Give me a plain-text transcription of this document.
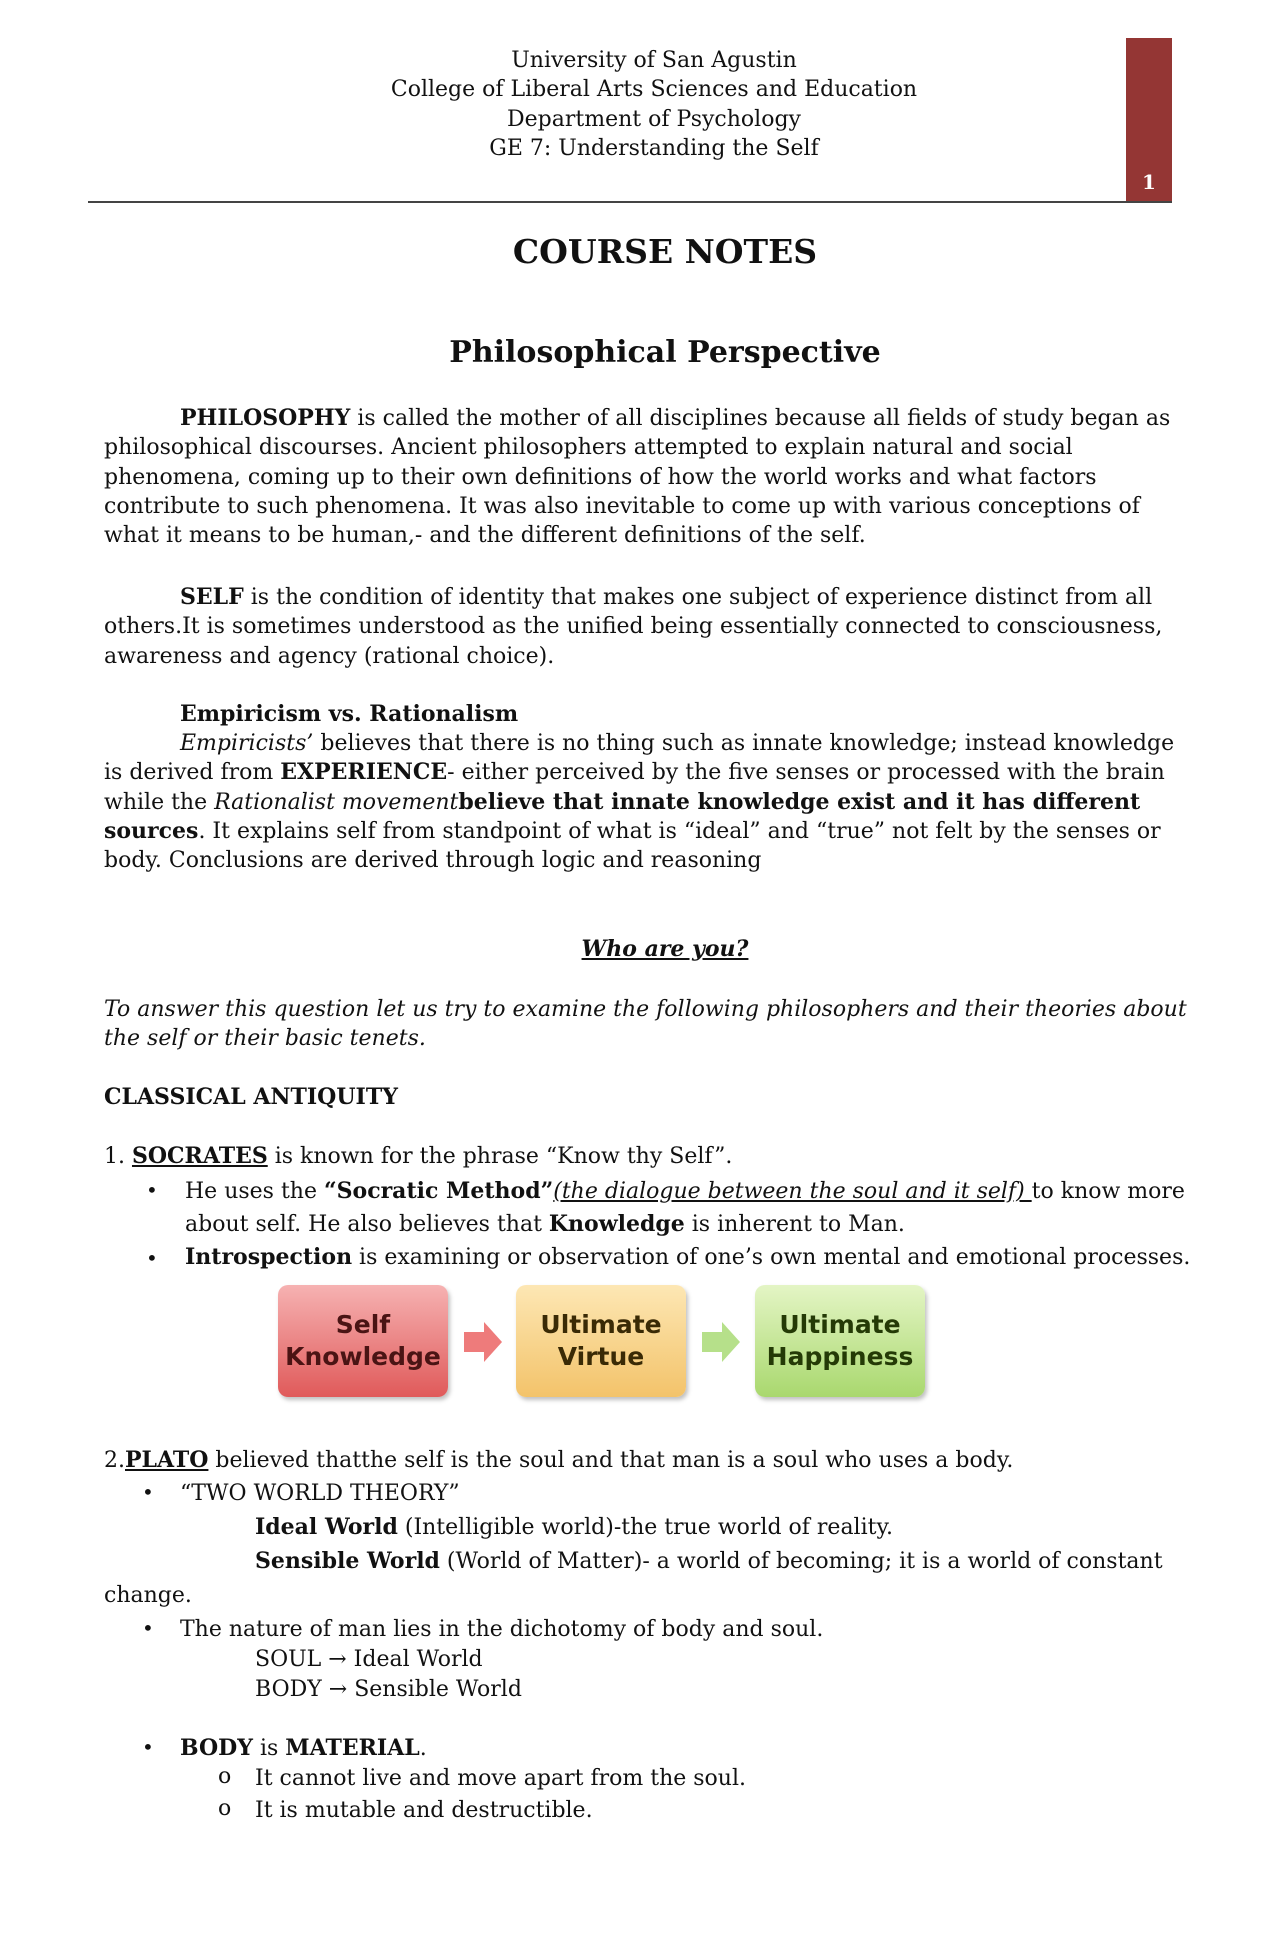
University of San Agustin
College of Liberal Arts Sciences and Education
Department of Psychology
GE 7: Understanding the Self
1
COURSE NOTES
Philosophical Perspective
PHILOSOPHY is called the mother of all disciplines because all fields of study began as philosophical discourses. Ancient philosophers attempted to explain natural and social phenomena, coming up to their own definitions of how the world works and what factors contribute to such phenomena. It was also inevitable to come up with various conceptions of what it means to be human,- and the different definitions of the self.
SELF is the condition of identity that makes one subject of experience distinct from all others.It is sometimes understood as the unified being essentially connected to consciousness, awareness and agency (rational choice).
Empiricism vs. Rationalism
Empiricists’ believes that there is no thing such as innate knowledge; instead knowledge is derived from EXPERIENCE- either perceived by the five senses or processed with the brain while the Rationalist movementbelieve that innate knowledge exist and it has different sources. It explains self from standpoint of what is “ideal” and “true” not felt by the senses or body. Conclusions are derived through logic and reasoning
Who are you?
To answer this question let us try to examine the following philosophers and their theories about the self or their basic tenets.
CLASSICAL ANTIQUITY
1. SOCRATES is known for the phrase “Know thy Self”.
• He uses the “Socratic Method”(the dialogue between the soul and it self) to know more about self. He also believes that Knowledge is inherent to Man.
• Introspection is examining or observation of one’s own mental and emotional processes.
Self
Knowledge
Ultimate
Virtue
Ultimate
Happiness
2.PLATO believed thatthe self is the soul and that man is a soul who uses a body.
• “TWO WORLD THEORY”
Ideal World (Intelligible world)-the true world of reality.
Sensible World (World of Matter)- a world of becoming; it is a world of constant
change.
• The nature of man lies in the dichotomy of body and soul.
SOUL → Ideal World
BODY → Sensible World
• BODY is MATERIAL.
o It cannot live and move apart from the soul.
o It is mutable and destructible.
